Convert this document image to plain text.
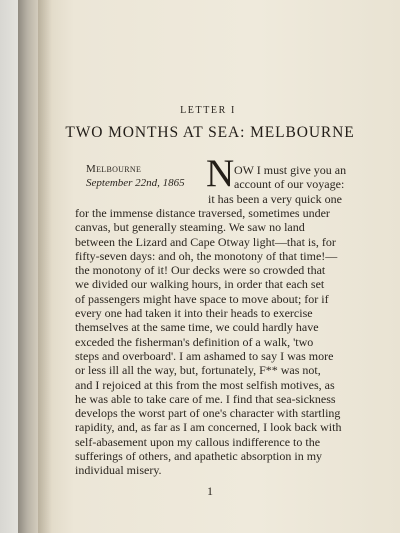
LETTER I
TWO MONTHS AT SEA: MELBOURNE
Melbourne
September 22nd, 1865 N OW I must give you an

account of our voyage:

it has been a very quick one

for the immense distance traversed, sometimes under

canvas, but generally steaming. We saw no land

between the Lizard and Cape Otway light—that is, for

fifty-seven days: and oh, the monotony of that time!—

the monotony of it! Our decks were so crowded that

we divided our walking hours, in order that each set

of passengers might have space to move about; for if

every one had taken it into their heads to exercise

themselves at the same time, we could hardly have

exceded the fisherman's definition of a walk, 'two

steps and overboard'. I am ashamed to say I was more

or less ill all the way, but, fortunately, F** was not,

and I rejoiced at this from the most selfish motives, as

he was able to take care of me. I find that sea-sickness

develops the worst part of one's character with startling

rapidity, and, as far as I am concerned, I look back with

self-abasement upon my callous indifference to the

sufferings of others, and apathetic absorption in my

individual misery.

1
